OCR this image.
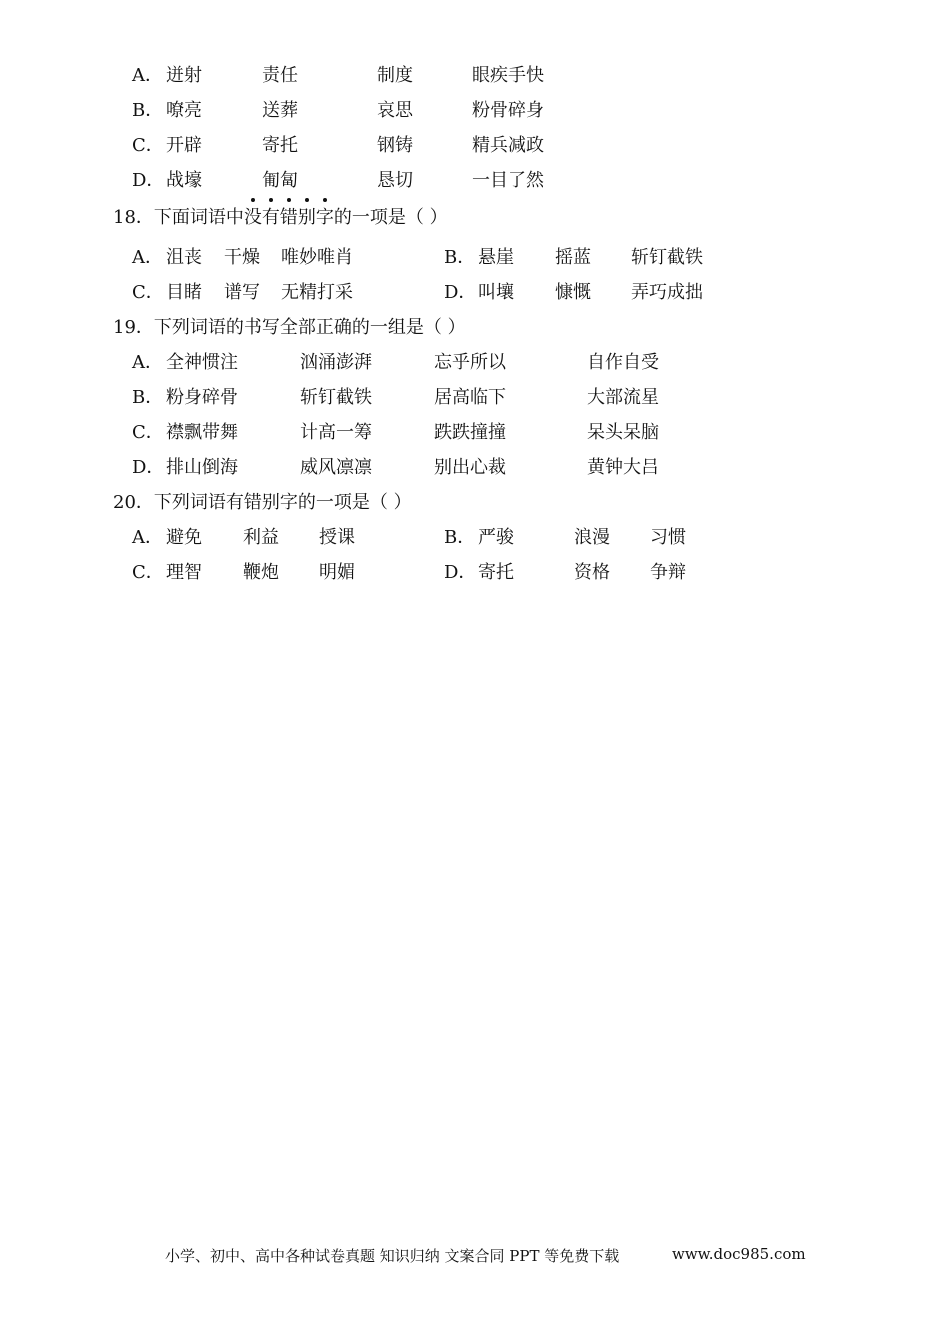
A． 迸射	责任	制度	眼疾手快
B． 嘹亮	送葬	哀思	粉骨碎身
C． 开辟	寄托	钢铸	精兵减政
D． 战壕	匍匐	恳切	一目了然
18．下面词语中
没
有
错
别
字的一项是（ ）
A． 沮丧 干燥 唯妙唯肖	B． 悬崖 摇蓝 斩钉截铁
C． 目睹 谱写 无精打采	D． 叫壤 慷慨 弄巧成拙
19．下列词语的书写全部正确的一组是（ ）
A． 全神惯注	汹涌澎湃	忘乎所以	自作自受
B． 粉身碎骨	斩钉截铁	居高临下	大部流星
C． 襟飘带舞	计高一筹	跌跌撞撞	呆头呆脑
D． 排山倒海	威风凛凛	别出心裁	黄钟大吕
20．下列词语有错别字的一项是（ ）
A． 避免 利益 授课	B． 严骏	浪漫 习惯
C． 理智 鞭炮 明媚	D． 寄托	资格 争辩
小学、初中、高中各种试卷真题 知识归纳 文案合同 PPT 等免费下载	www.doc985.com
